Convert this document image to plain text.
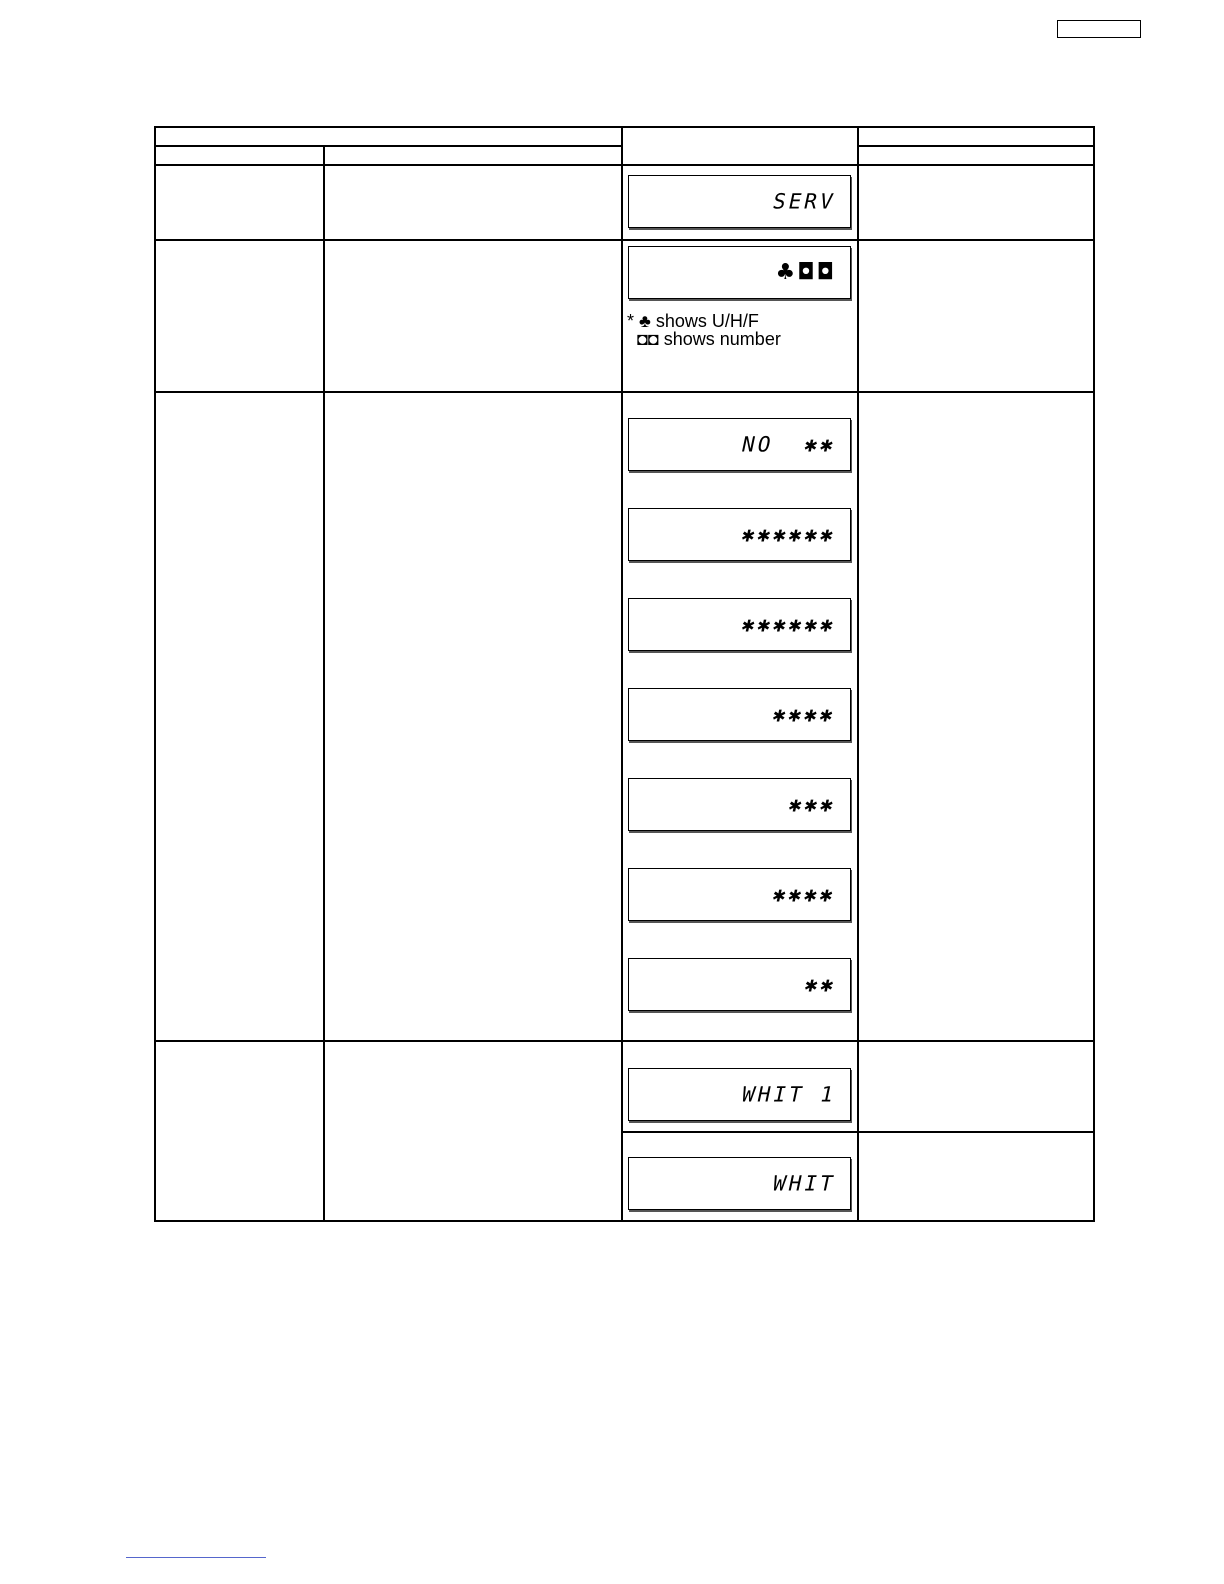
SERV
♣◘◘
* ♣ shows U/H/F
◘◘ shows number
NO  ✱✱
✱✱✱✱✱✱
✱✱✱✱✱✱
✱✱✱✱
✱✱✱
✱✱✱✱
✱✱
WHIT 1
WHIT
